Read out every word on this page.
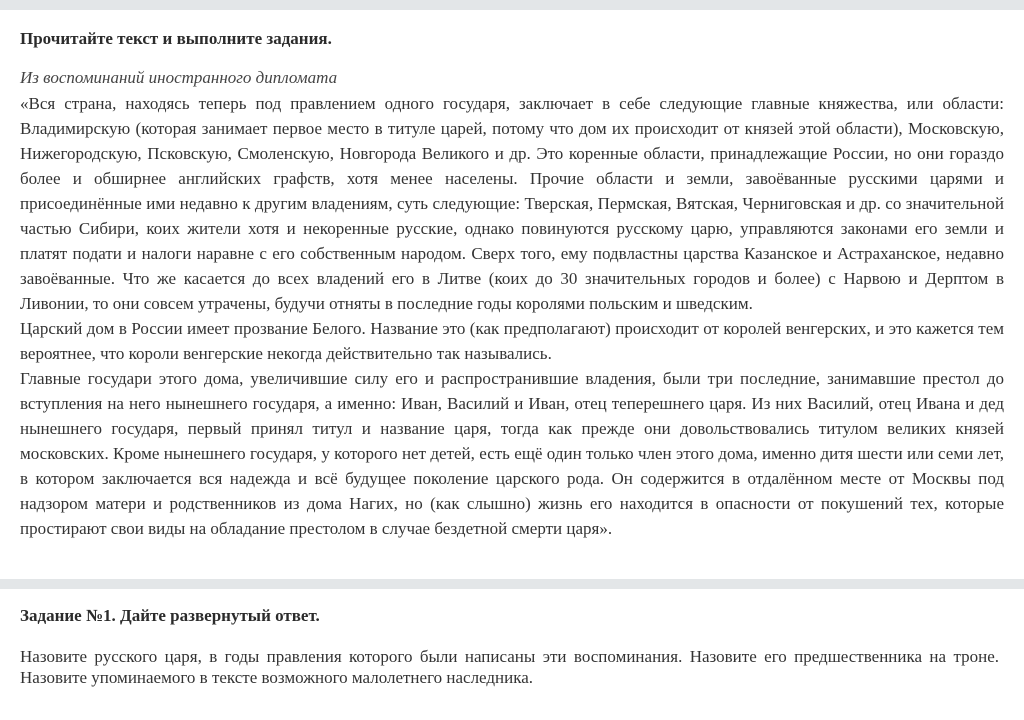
Прочитайте текст и выполните задания.
Из воспоминаний иностранного дипломата

«Вся страна, находясь теперь под правлением одного государя, заключает в себе следующие главные княжества, или области: Владимирскую (которая занимает первое место в титуле царей, потому что дом их происходит от князей этой области), Московскую, Нижегородскую, Псковскую, Смоленскую, Новгорода Великого и др. Это коренные области, принадлежащие России, но они гораздо более и обширнее английских графств, хотя менее населены. Прочие области и земли, завоёванные русскими царями и присоединённые ими недавно к другим владениям, суть следующие: Тверская, Пермская, Вятская, Черниговская и др. со значительной частью Сибири, коих жители хотя и некоренные русские, однако повинуются русскому царю, управляются законами его земли и платят подати и налоги наравне с его собственным народом. Сверх того, ему подвластны царства Казанское и Астраханское, недавно завоёванные. Что же касается до всех владений его в Литве (коих до 30 значительных городов и более) с Нарвою и Дерптом в Ливонии, то они совсем утрачены, будучи отняты в последние годы королями польским и шведским.

Царский дом в России имеет прозвание Белого. Название это (как предполагают) происходит от королей венгерских, и это кажется тем вероятнее, что короли венгерские некогда действительно так назывались.

Главные государи этого дома, увеличившие силу его и распространившие владения, были три последние, занимавшие престол до вступления на него нынешнего государя, а именно: Иван, Василий и Иван, отец теперешнего царя. Из них Василий, отец Ивана и дед нынешнего государя, первый принял титул и название царя, тогда как прежде они довольствовались титулом великих князей московских. Кроме нынешнего государя, у которого нет детей, есть ещё один только член этого дома, именно дитя шести или семи лет, в котором заключается вся надежда и всё будущее поколение царского рода. Он содержится в отдалённом месте от Москвы под надзором матери и родственников из дома Нагих, но (как слышно) жизнь его находится в опасности от покушений тех, которые простирают свои виды на обладание престолом в случае бездетной смерти царя».

Задание №1. Дайте развернутый ответ.
Назовите русского царя, в годы правления которого были написаны эти воспоминания. Назовите его предшественника на троне. Назовите упоминаемого в тексте возможного малолетнего наследника.
